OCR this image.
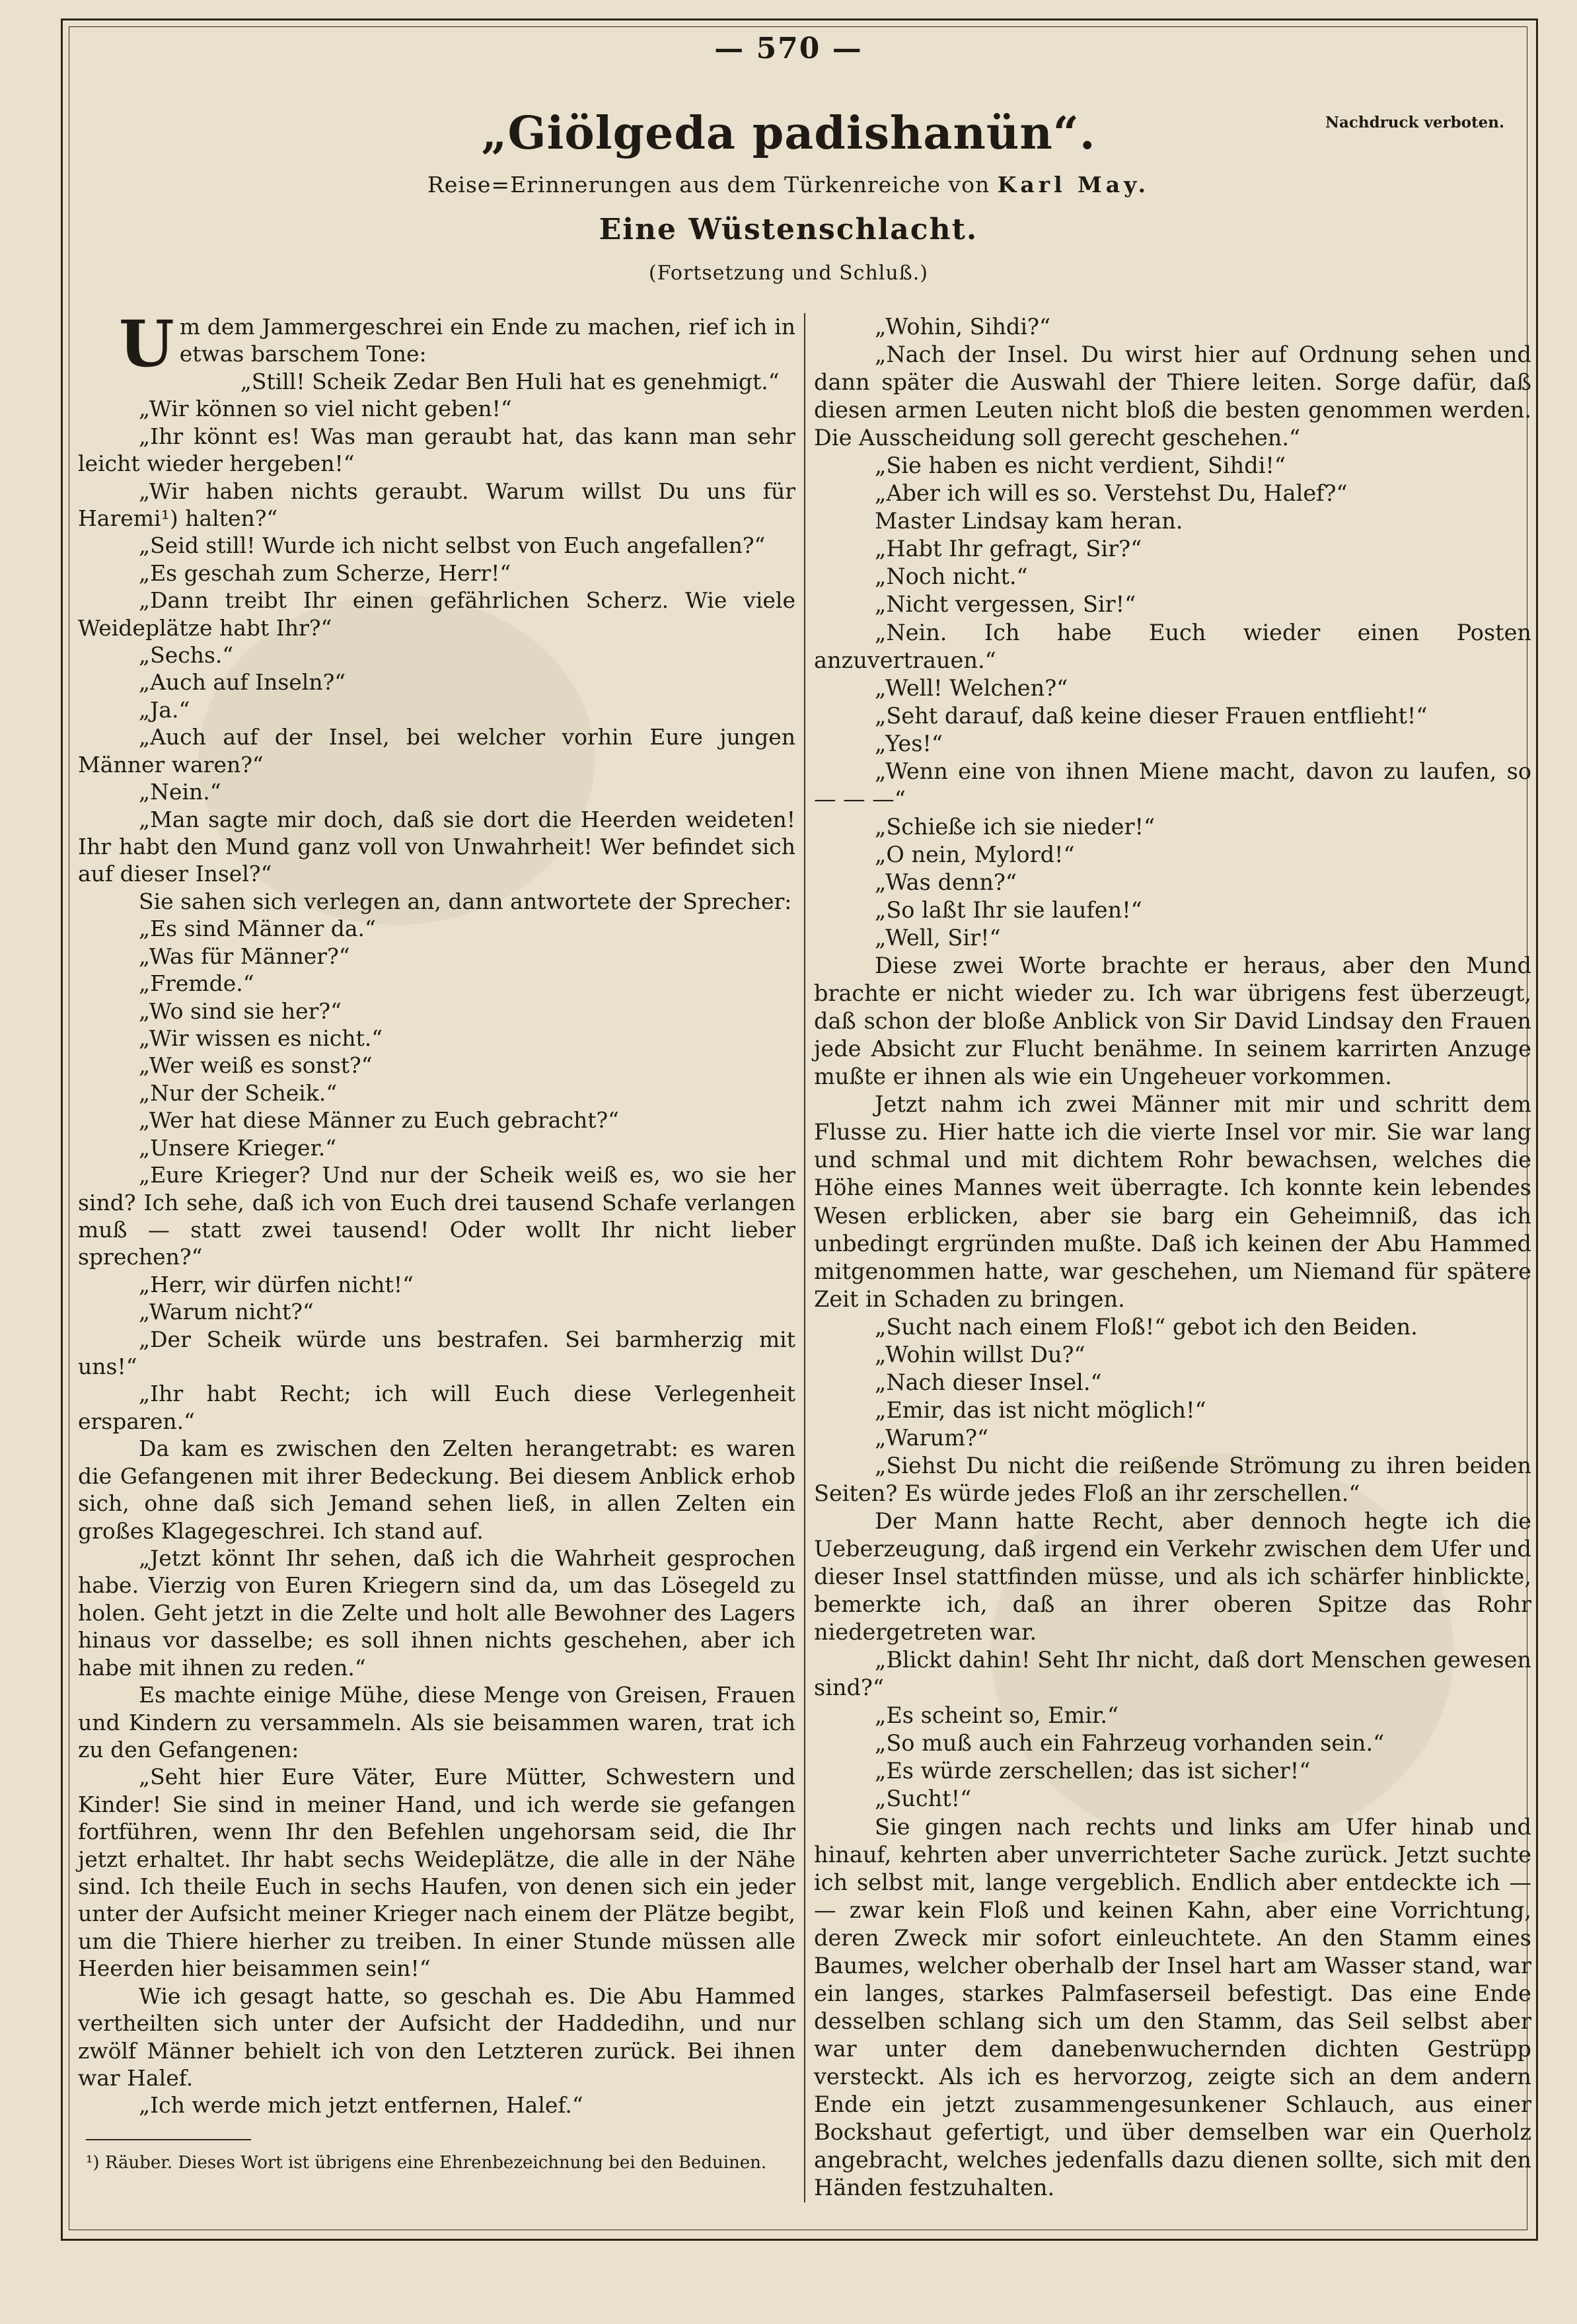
— 570 —
Nachdruck verboten.
„Giölgeda padishanün“.
Reise=Erinnerungen aus dem Türkenreiche von Karl May.
Eine Wüstenschlacht.
(Fortsetzung und Schluß.)
U m dem Jammergeschrei ein Ende zu machen, rief ich in etwas barschem Tone:

„Still! Scheik Zedar Ben Huli hat es genehmigt.“

„Wir können so viel nicht geben!“

„Ihr könnt es! Was man geraubt hat, das kann man sehr leicht wieder hergeben!“

„Wir haben nichts geraubt. Warum willst Du uns für Haremi¹) halten?“

„Seid still! Wurde ich nicht selbst von Euch angefallen?“

„Es geschah zum Scherze, Herr!“

„Dann treibt Ihr einen gefährlichen Scherz. Wie viele Weideplätze habt Ihr?“

„Sechs.“

„Auch auf Inseln?“

„Ja.“

„Auch auf der Insel, bei welcher vorhin Eure jungen Männer waren?“

„Nein.“

„Man sagte mir doch, daß sie dort die Heerden weideten! Ihr habt den Mund ganz voll von Unwahrheit! Wer befindet sich auf dieser Insel?“

Sie sahen sich verlegen an, dann antwortete der Sprecher:

„Es sind Männer da.“

„Was für Männer?“

„Fremde.“

„Wo sind sie her?“

„Wir wissen es nicht.“

„Wer weiß es sonst?“

„Nur der Scheik.“

„Wer hat diese Männer zu Euch gebracht?“

„Unsere Krieger.“

„Eure Krieger? Und nur der Scheik weiß es, wo sie her sind? Ich sehe, daß ich von Euch drei tausend Schafe verlangen muß — statt zwei tausend! Oder wollt Ihr nicht lieber sprechen?“

„Herr, wir dürfen nicht!“

„Warum nicht?“

„Der Scheik würde uns bestrafen. Sei barmherzig mit uns!“

„Ihr habt Recht; ich will Euch diese Verlegenheit ersparen.“

Da kam es zwischen den Zelten herangetrabt: es waren die Gefangenen mit ihrer Bedeckung. Bei diesem Anblick erhob sich, ohne daß sich Jemand sehen ließ, in allen Zelten ein großes Klagegeschrei. Ich stand auf.

„Jetzt könnt Ihr sehen, daß ich die Wahrheit gesprochen habe. Vierzig von Euren Kriegern sind da, um das Lösegeld zu holen. Geht jetzt in die Zelte und holt alle Bewohner des Lagers hinaus vor dasselbe; es soll ihnen nichts geschehen, aber ich habe mit ihnen zu reden.“

Es machte einige Mühe, diese Menge von Greisen, Frauen und Kindern zu versammeln. Als sie beisammen waren, trat ich zu den Gefangenen:

„Seht hier Eure Väter, Eure Mütter, Schwestern und Kinder! Sie sind in meiner Hand, und ich werde sie gefangen fortführen, wenn Ihr den Befehlen ungehorsam seid, die Ihr jetzt erhaltet. Ihr habt sechs Weideplätze, die alle in der Nähe sind. Ich theile Euch in sechs Haufen, von denen sich ein jeder unter der Aufsicht meiner Krieger nach einem der Plätze begibt, um die Thiere hierher zu treiben. In einer Stunde müssen alle Heerden hier beisammen sein!“

Wie ich gesagt hatte, so geschah es. Die Abu Hammed vertheilten sich unter der Aufsicht der Haddedihn, und nur zwölf Männer behielt ich von den Letzteren zurück. Bei ihnen war Halef.

„Ich werde mich jetzt entfernen, Halef.“

„Wohin, Sihdi?“

„Nach der Insel. Du wirst hier auf Ordnung sehen und dann später die Auswahl der Thiere leiten. Sorge dafür, daß diesen armen Leuten nicht bloß die besten genommen werden. Die Ausscheidung soll gerecht geschehen.“

„Sie haben es nicht verdient, Sihdi!“

„Aber ich will es so. Verstehst Du, Halef?“

Master Lindsay kam heran.

„Habt Ihr gefragt, Sir?“

„Noch nicht.“

„Nicht vergessen, Sir!“

„Nein. Ich habe Euch wieder einen Posten anzuvertrauen.“

„Well! Welchen?“

„Seht darauf, daß keine dieser Frauen entflieht!“

„Yes!“

„Wenn eine von ihnen Miene macht, davon zu laufen, so — — —“

„Schieße ich sie nieder!“

„O nein, Mylord!“

„Was denn?“

„So laßt Ihr sie laufen!“

„Well, Sir!“

Diese zwei Worte brachte er heraus, aber den Mund brachte er nicht wieder zu. Ich war übrigens fest überzeugt, daß schon der bloße Anblick von Sir David Lindsay den Frauen jede Absicht zur Flucht benähme. In seinem karrirten Anzuge mußte er ihnen als wie ein Ungeheuer vorkommen.

Jetzt nahm ich zwei Männer mit mir und schritt dem Flusse zu. Hier hatte ich die vierte Insel vor mir. Sie war lang und schmal und mit dichtem Rohr bewachsen, welches die Höhe eines Mannes weit überragte. Ich konnte kein lebendes Wesen erblicken, aber sie barg ein Geheimniß, das ich unbedingt ergründen mußte. Daß ich keinen der Abu Hammed mitgenommen hatte, war geschehen, um Niemand für spätere Zeit in Schaden zu bringen.

„Sucht nach einem Floß!“ gebot ich den Beiden.

„Wohin willst Du?“

„Nach dieser Insel.“

„Emir, das ist nicht möglich!“

„Warum?“

„Siehst Du nicht die reißende Strömung zu ihren beiden Seiten? Es würde jedes Floß an ihr zerschellen.“

Der Mann hatte Recht, aber dennoch hegte ich die Ueberzeugung, daß irgend ein Verkehr zwischen dem Ufer und dieser Insel stattfinden müsse, und als ich schärfer hinblickte, bemerkte ich, daß an ihrer oberen Spitze das Rohr niedergetreten war.

„Blickt dahin! Seht Ihr nicht, daß dort Menschen gewesen sind?“

„Es scheint so, Emir.“

„So muß auch ein Fahrzeug vorhanden sein.“

„Es würde zerschellen; das ist sicher!“

„Sucht!“

Sie gingen nach rechts und links am Ufer hinab und hinauf, kehrten aber unverrichteter Sache zurück. Jetzt suchte ich selbst mit, lange vergeblich. Endlich aber entdeckte ich — — zwar kein Floß und keinen Kahn, aber eine Vorrichtung, deren Zweck mir sofort einleuchtete. An den Stamm eines Baumes, welcher oberhalb der Insel hart am Wasser stand, war ein langes, starkes Palmfaserseil befestigt. Das eine Ende desselben schlang sich um den Stamm, das Seil selbst aber war unter dem danebenwuchernden dichten Gestrüpp versteckt. Als ich es hervorzog, zeigte sich an dem andern Ende ein jetzt zusammengesunkener Schlauch, aus einer Bockshaut gefertigt, und über demselben war ein Querholz angebracht, welches jedenfalls dazu dienen sollte, sich mit den Händen festzuhalten.

¹) Räuber. Dieses Wort ist übrigens eine Ehrenbezeichnung bei den Beduinen.
